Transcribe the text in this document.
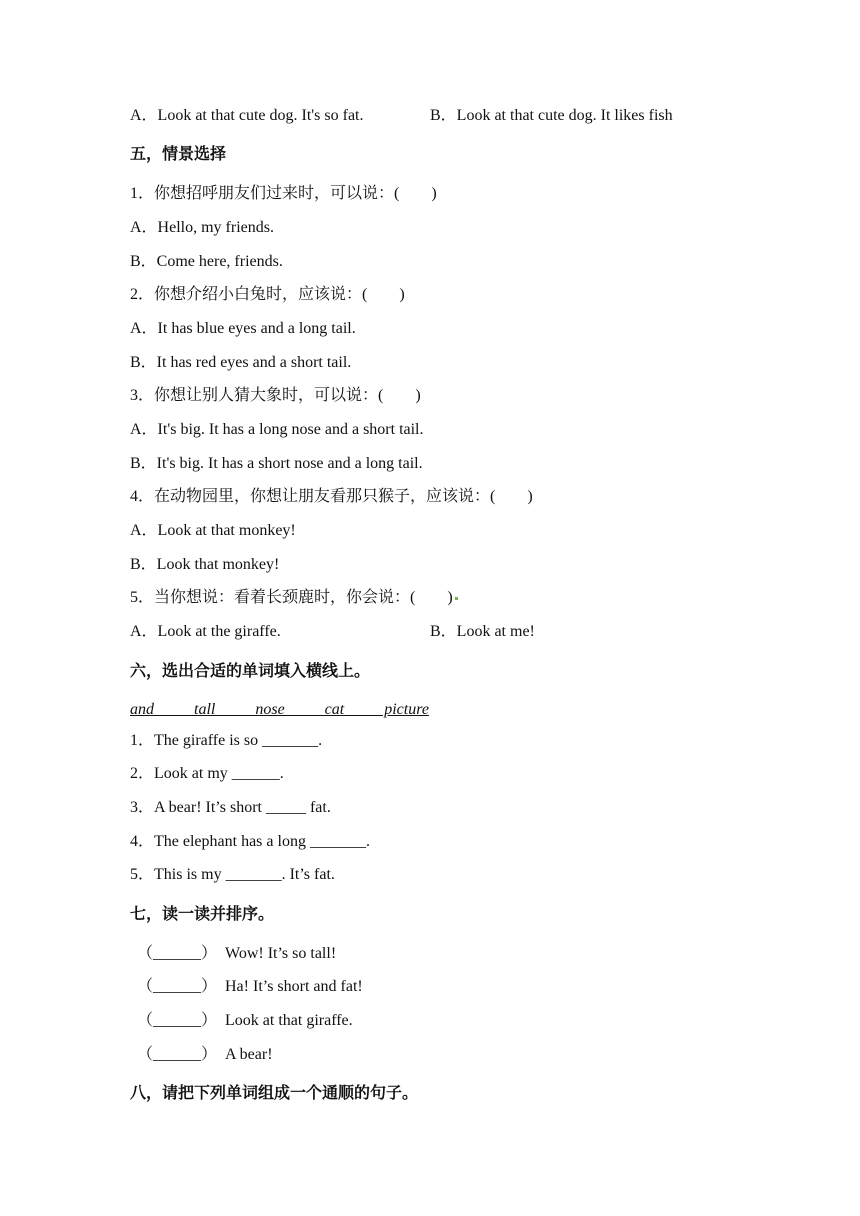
A．Look at that cute dog. It's so fat.	B．Look at that cute dog. It likes fish
五，情景选择
1．你想招呼朋友们过来时，可以说：(        )
A．Hello, my friends.
B．Come here, friends.
2．你想介绍小白兔时，应该说：(        )
A．It has blue eyes and a long tail.
B．It has red eyes and a short tail.
3．你想让别人猜大象时，可以说：(        )
A．It's big. It has a long nose and a short tail.
B．It's big. It has a short nose and a long tail.
4．在动物园里，你想让朋友看那只猴子，应该说：(        )
A．Look at that monkey!
B．Look that monkey!
5．当你想说：看着长颈鹿时，你会说：(        )
A．Look at the giraffe.	B．Look at me!
六，选出合适的单词填入横线上。
and  tall  nose  cat  picture
1．The giraffe is so _______.
2．Look at my ______.
3．A bear! It’s short _____ fat.
4．The elephant has a long _______.
5．This is my _______. It’s fat.
七，读一读并排序。
（______）  Wow! It’s so tall!
（______）  Ha! It’s short and fat!
（______）  Look at that giraffe.
（______）  A bear!
八，请把下列单词组成一个通顺的句子。
